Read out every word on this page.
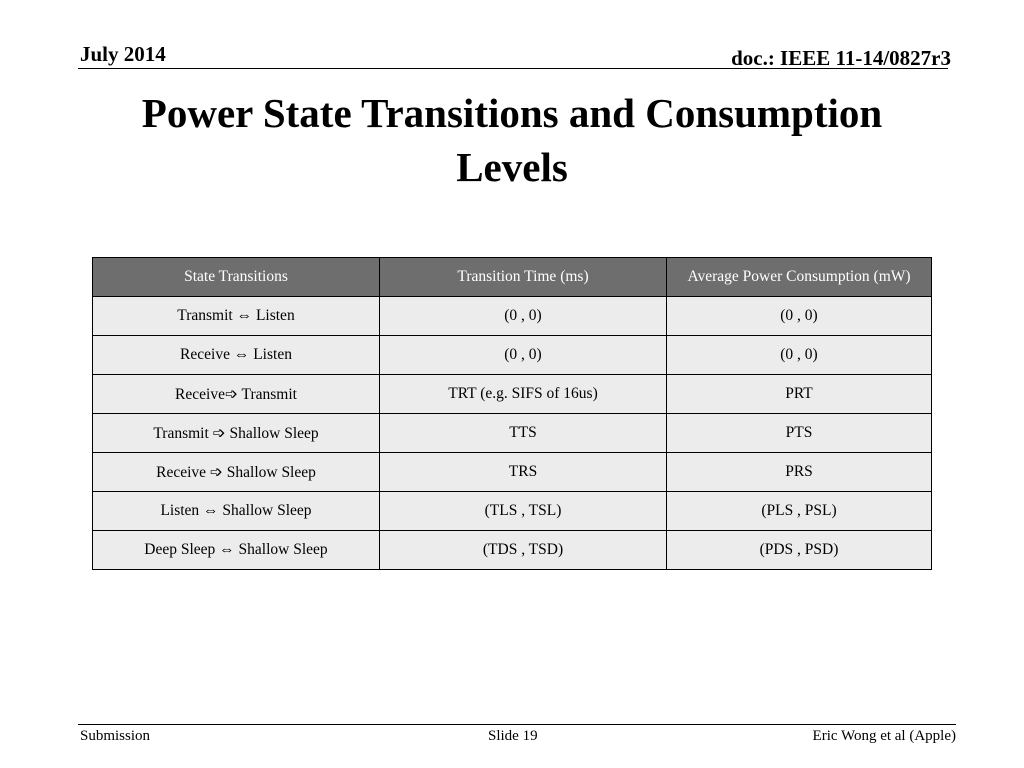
July 2014	doc.: IEEE 11-14/0827r3
Power State Transitions and Consumption
Levels
State Transitions	Transition Time (ms)	Average Power Consumption (mW)
Transmit ⇔ Listen	(0 , 0)	(0 , 0)
Receive ⇔ Listen	(0 , 0)	(0 , 0)
Receive➩ Transmit	TRT (e.g. SIFS of 16us)	PRT
Transmit ➩ Shallow Sleep	TTS	PTS
Receive ➩ Shallow Sleep	TRS	PRS
Listen ⇔ Shallow Sleep	(TLS , TSL)	(PLS , PSL)
Deep Sleep ⇔ Shallow Sleep	(TDS , TSD)	(PDS , PSD)
Submission	Slide 19	Eric Wong et al (Apple)
